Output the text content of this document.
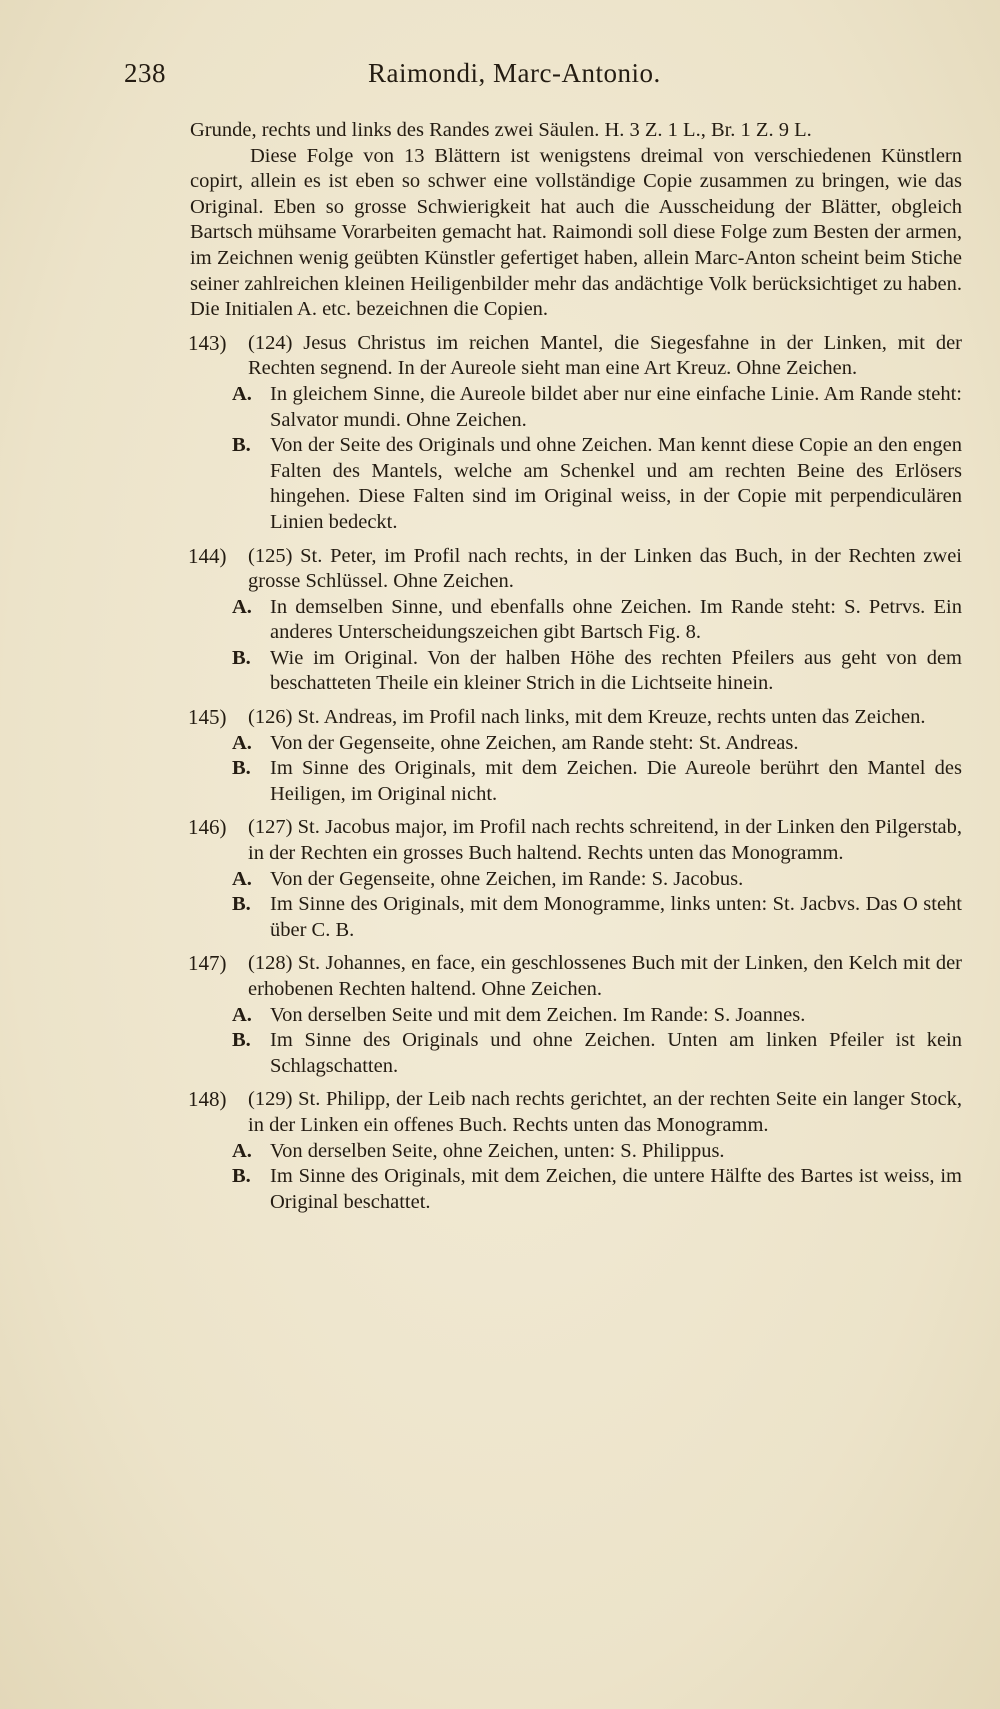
238	Raimondi, Marc-Antonio.

Grunde, rechts und links des Randes zwei Säulen. H. 3 Z. 1 L., Br. 1 Z. 9 L.

Diese Folge von 13 Blättern ist wenigstens dreimal von verschiedenen Künstlern copirt, allein es ist eben so schwer eine vollständige Copie zusammen zu bringen, wie das Original. Eben so grosse Schwierigkeit hat auch die Ausscheidung der Blätter, obgleich Bartsch mühsame Vorarbeiten gemacht hat. Raimondi soll diese Folge zum Besten der armen, im Zeichnen wenig geübten Künstler gefertiget haben, allein Marc-Anton scheint beim Stiche seiner zahlreichen kleinen Heiligenbilder mehr das andächtige Volk berücksichtiget zu haben. Die Initialen A. etc. bezeichnen die Copien.

143) (124) Jesus Christus im reichen Mantel, die Siegesfahne in der Linken, mit der Rechten segnend. In der Aureole sieht man eine Art Kreuz. Ohne Zeichen.

A. In gleichem Sinne, die Aureole bildet aber nur eine einfache Linie. Am Rande steht: Salvator mundi. Ohne Zeichen.

B. Von der Seite des Originals und ohne Zeichen. Man kennt diese Copie an den engen Falten des Mantels, welche am Schenkel und am rechten Beine des Erlösers hingehen. Diese Falten sind im Original weiss, in der Copie mit perpendiculären Linien bedeckt.

144) (125) St. Peter, im Profil nach rechts, in der Linken das Buch, in der Rechten zwei grosse Schlüssel. Ohne Zeichen.

A. In demselben Sinne, und ebenfalls ohne Zeichen. Im Rande steht: S. Petrvs. Ein anderes Unterscheidungszeichen gibt Bartsch Fig. 8.

B. Wie im Original. Von der halben Höhe des rechten Pfeilers aus geht von dem beschatteten Theile ein kleiner Strich in die Lichtseite hinein.

145) (126) St. Andreas, im Profil nach links, mit dem Kreuze, rechts unten das Zeichen.

A. Von der Gegenseite, ohne Zeichen, am Rande steht: St. Andreas.

B. Im Sinne des Originals, mit dem Zeichen. Die Aureole berührt den Mantel des Heiligen, im Original nicht.

146) (127) St. Jacobus major, im Profil nach rechts schreitend, in der Linken den Pilgerstab, in der Rechten ein grosses Buch haltend. Rechts unten das Monogramm.

A. Von der Gegenseite, ohne Zeichen, im Rande: S. Jacobus.

B. Im Sinne des Originals, mit dem Monogramme, links unten: St. Jacbvs. Das O steht über C. B.

147) (128) St. Johannes, en face, ein geschlossenes Buch mit der Linken, den Kelch mit der erhobenen Rechten haltend. Ohne Zeichen.

A. Von derselben Seite und mit dem Zeichen. Im Rande: S. Joannes.

B. Im Sinne des Originals und ohne Zeichen. Unten am linken Pfeiler ist kein Schlagschatten.

148) (129) St. Philipp, der Leib nach rechts gerichtet, an der rechten Seite ein langer Stock, in der Linken ein offenes Buch. Rechts unten das Monogramm.

A. Von derselben Seite, ohne Zeichen, unten: S. Philippus.

B. Im Sinne des Originals, mit dem Zeichen, die untere Hälfte des Bartes ist weiss, im Original beschattet.
